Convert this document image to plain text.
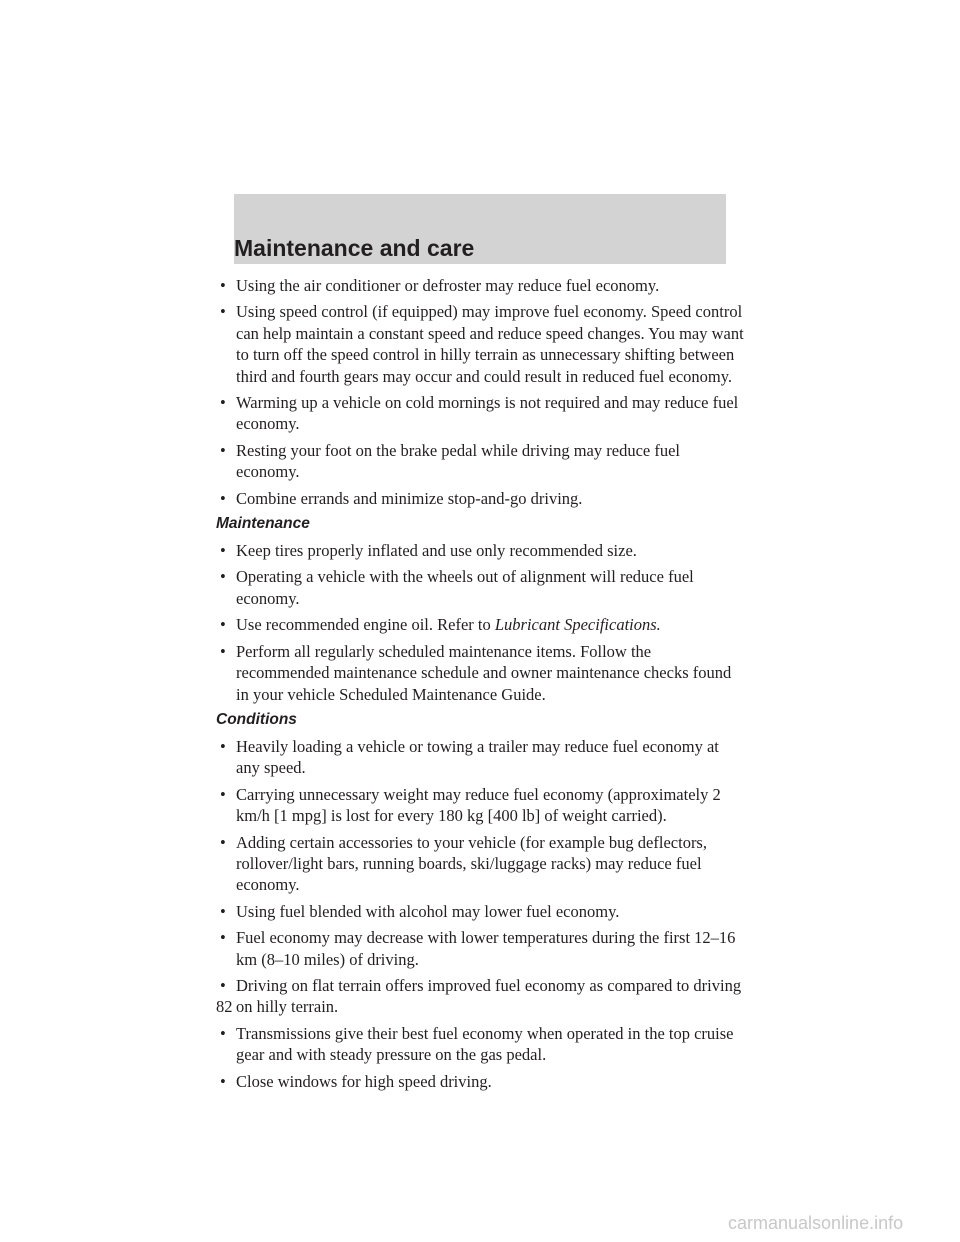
Maintenance and care
• Using the air conditioner or defroster may reduce fuel economy.
• Using speed control (if equipped) may improve fuel economy. Speed control can help maintain a constant speed and reduce speed changes. You may want to turn off the speed control in hilly terrain as unnecessary shifting between third and fourth gears may occur and could result in reduced fuel economy.
• Warming up a vehicle on cold mornings is not required and may reduce fuel economy.
• Resting your foot on the brake pedal while driving may reduce fuel economy.
• Combine errands and minimize stop-and-go driving.
Maintenance
• Keep tires properly inflated and use only recommended size.
• Operating a vehicle with the wheels out of alignment will reduce fuel economy.
• Use recommended engine oil. Refer to Lubricant Specifications.
• Perform all regularly scheduled maintenance items. Follow the recommended maintenance schedule and owner maintenance checks found in your vehicle Scheduled Maintenance Guide.
Conditions
• Heavily loading a vehicle or towing a trailer may reduce fuel economy at any speed.
• Carrying unnecessary weight may reduce fuel economy (approximately 2 km/h [1 mpg] is lost for every 180 kg [400 lb] of weight carried).
• Adding certain accessories to your vehicle (for example bug deflectors, rollover/light bars, running boards, ski/luggage racks) may reduce fuel economy.
• Using fuel blended with alcohol may lower fuel economy.
• Fuel economy may decrease with lower temperatures during the first 12–16 km (8–10 miles) of driving.
• Driving on flat terrain offers improved fuel economy as compared to driving on hilly terrain.
• Transmissions give their best fuel economy when operated in the top cruise gear and with steady pressure on the gas pedal.
• Close windows for high speed driving.
82
carmanualsonline.info
